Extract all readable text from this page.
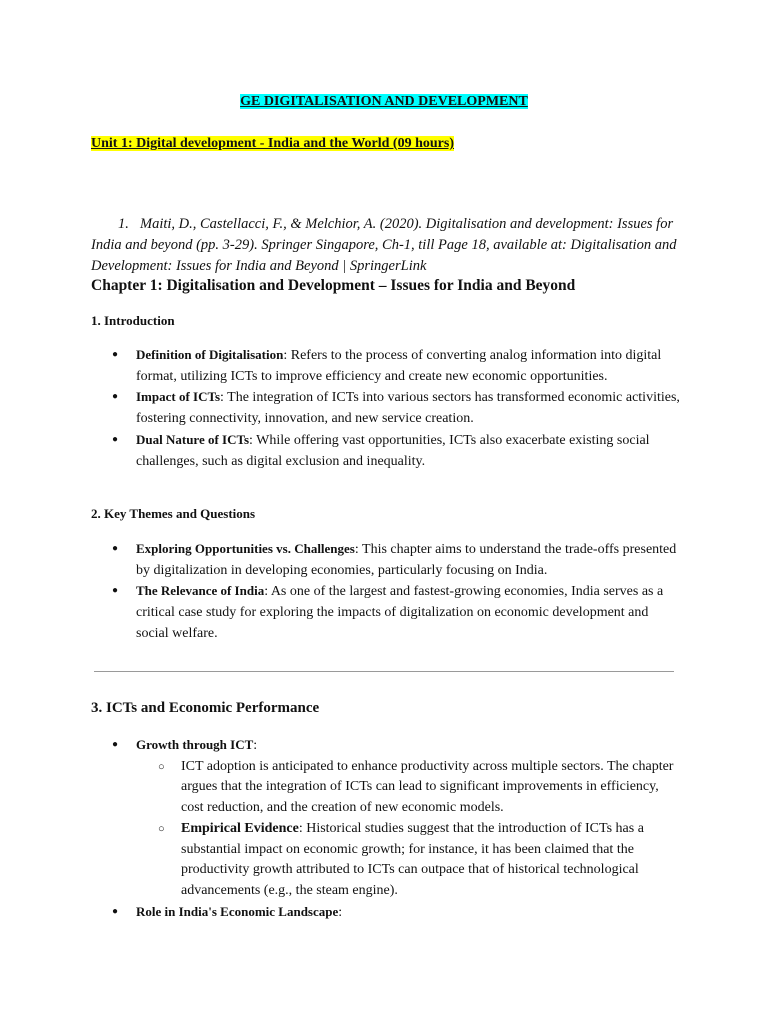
GE DIGITALISATION AND DEVELOPMENT
Unit 1: Digital development - India and the World (09 hours)
1. Maiti, D., Castellacci, F., & Melchior, A. (2020). Digitalisation and development: Issues for India and beyond (pp. 3-29). Springer Singapore, Ch-1, till Page 18, available at: Digitalisation and Development: Issues for India and Beyond | SpringerLink
Chapter 1: Digitalisation and Development – Issues for India and Beyond
1. Introduction
● Definition of Digitalisation: Refers to the process of converting analog information into digital format, utilizing ICTs to improve efficiency and create new economic opportunities.
● Impact of ICTs: The integration of ICTs into various sectors has transformed economic activities, fostering connectivity, innovation, and new service creation.
● Dual Nature of ICTs: While offering vast opportunities, ICTs also exacerbate existing social challenges, such as digital exclusion and inequality.
2. Key Themes and Questions
● Exploring Opportunities vs. Challenges: This chapter aims to understand the trade-offs presented by digitalization in developing economies, particularly focusing on India.
● The Relevance of India: As one of the largest and fastest-growing economies, India serves as a critical case study for exploring the impacts of digitalization on economic development and social welfare.
3. ICTs and Economic Performance
● Growth through ICT:
○ ICT adoption is anticipated to enhance productivity across multiple sectors. The chapter argues that the integration of ICTs can lead to significant improvements in efficiency, cost reduction, and the creation of new economic models.
○ Empirical Evidence: Historical studies suggest that the introduction of ICTs has a substantial impact on economic growth; for instance, it has been claimed that the productivity growth attributed to ICTs can outpace that of historical technological advancements (e.g., the steam engine).
● Role in India's Economic Landscape:
